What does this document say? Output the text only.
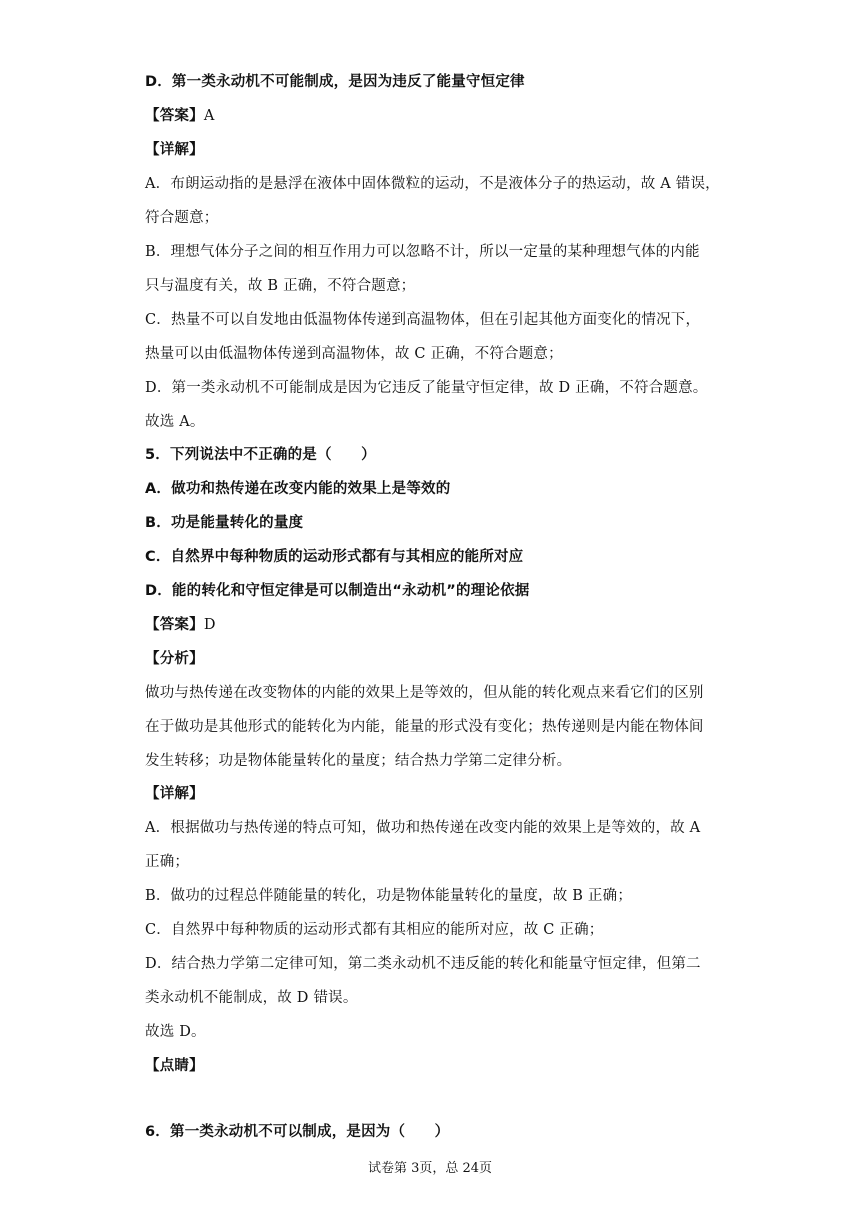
D．第一类永动机不可能制成，是因为违反了能量守恒定律
【答案】A
【详解】
A．布朗运动指的是悬浮在液体中固体微粒的运动，不是液体分子的热运动，故 A 错误，
符合题意；
B．理想气体分子之间的相互作用力可以忽略不计，所以一定量的某种理想气体的内能
只与温度有关，故 B 正确，不符合题意；
C．热量不可以自发地由低温物体传递到高温物体，但在引起其他方面变化的情况下，
热量可以由低温物体传递到高温物体，故 C 正确，不符合题意；
D．第一类永动机不可能制成是因为它违反了能量守恒定律，故 D 正确，不符合题意。
故选 A。
5．下列说法中不正确的是（　　）
A．做功和热传递在改变内能的效果上是等效的
B．功是能量转化的量度
C．自然界中每种物质的运动形式都有与其相应的能所对应
D．能的转化和守恒定律是可以制造出“永动机”的理论依据
【答案】D
【分析】
做功与热传递在改变物体的内能的效果上是等效的，但从能的转化观点来看它们的区别
在于做功是其他形式的能转化为内能，能量的形式没有变化；热传递则是内能在物体间
发生转移；功是物体能量转化的量度；结合热力学第二定律分析。
【详解】
A．根据做功与热传递的特点可知，做功和热传递在改变内能的效果上是等效的，故 A
正确；
B．做功的过程总伴随能量的转化，功是物体能量转化的量度，故 B 正确；
C．自然界中每种物质的运动形式都有其相应的能所对应，故 C 正确；
D．结合热力学第二定律可知，第二类永动机不违反能的转化和能量守恒定律，但第二
类永动机不能制成，故 D 错误。
故选 D。
【点睛】
6．第一类永动机不可以制成，是因为（　　）
试卷第 3页，总 24页
